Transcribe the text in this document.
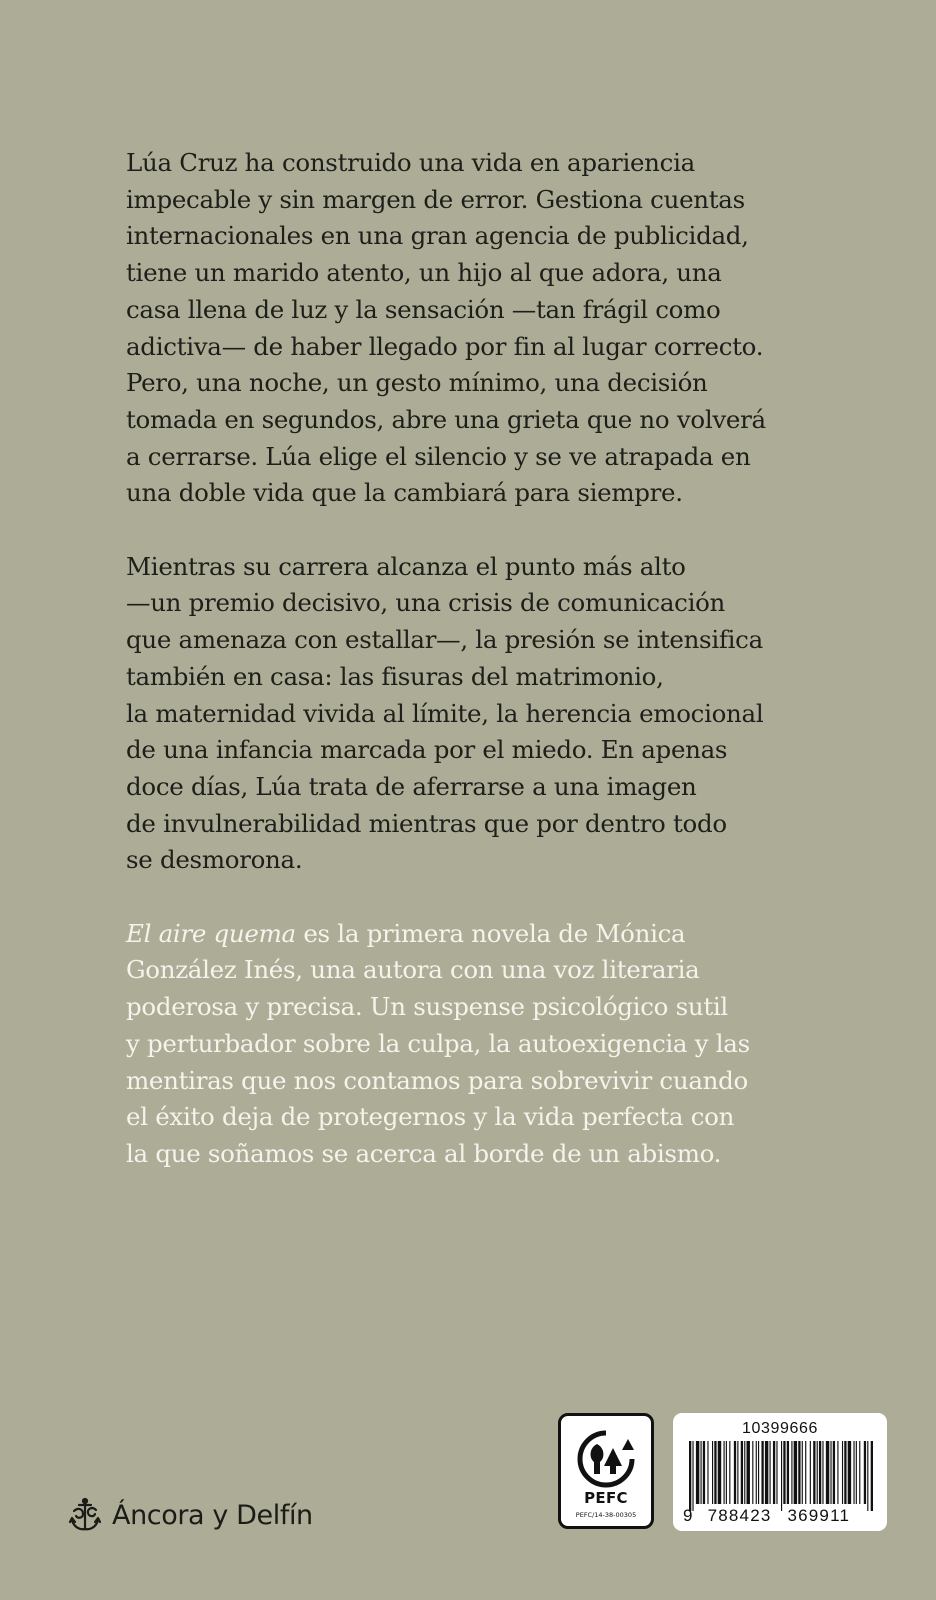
Lúa Cruz ha construido una vida en apariencia
impecable y sin margen de error. Gestiona cuentas
internacionales en una gran agencia de publicidad,
tiene un marido atento, un hijo al que adora, una
casa llena de luz y la sensación —tan frágil como
adictiva— de haber llegado por fin al lugar correcto.
Pero, una noche, un gesto mínimo, una decisión
tomada en segundos, abre una grieta que no volverá
a cerrarse. Lúa elige el silencio y se ve atrapada en
una doble vida que la cambiará para siempre.

Mientras su carrera alcanza el punto más alto
—un premio decisivo, una crisis de comunicación
que amenaza con estallar—, la presión se intensifica
también en casa: las fisuras del matrimonio,
la maternidad vivida al límite, la herencia emocional
de una infancia marcada por el miedo. En apenas
doce días, Lúa trata de aferrarse a una imagen
de invulnerabilidad mientras que por dentro todo
se desmorona.

El aire quema es la primera novela de Mónica
González Inés, una autora con una voz literaria
poderosa y precisa. Un suspense psicológico sutil
y perturbador sobre la culpa, la autoexigencia y las
mentiras que nos contamos para sobrevivir cuando
el éxito deja de protegernos y la vida perfecta con
la que soñamos se acerca al borde de un abismo.

Áncora y Delfín
PEFC
PEFC/14-38-00305
10399666
9 788423 369911
